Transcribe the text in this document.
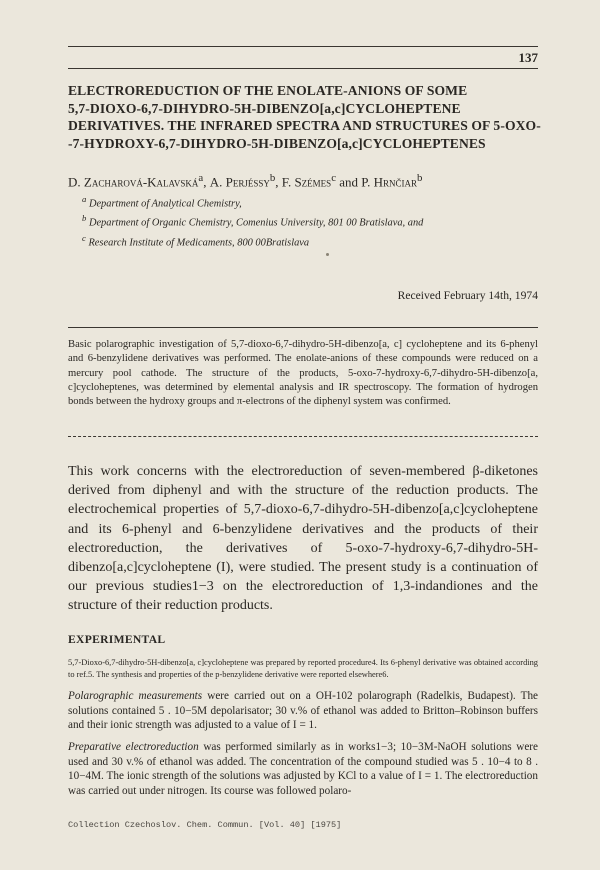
137
ELECTROREDUCTION OF THE ENOLATE-ANIONS OF SOME
5,7-DIOXO-6,7-DIHYDRO-5H-DIBENZO[a,c]CYCLOHEPTENE
DERIVATIVES. THE INFRARED SPECTRA AND STRUCTURES OF 5-OXO-
-7-HYDROXY-6,7-DIHYDRO-5H-DIBENZO[a,c]CYCLOHEPTENES
D. Zacharová-Kalavská$^a$, A. Perjéssy$^b$, F. Szémes$^c$ and P. Hrnčiar$^b$
$^a$ Department of Analytical Chemistry,
$^b$ Department of Organic Chemistry, Comenius University, 801 00 Bratislava, and
$^c$ Research Institute of Medicaments, 800 00Bratislava
Received February 14th, 1974

Basic polarographic investigation of 5,7-dioxo-6,7-dihydro-5H-dibenzo[a, c] cycloheptene and its 6-phenyl and 6-benzylidene derivatives was performed. The enolate-anions of these compounds were reduced on a mercury pool cathode. The structure of the products, 5-oxo-7-hydroxy-6,7-dihydro-5H-dibenzo[a, c]cycloheptenes, was determined by elemental analysis and IR spectroscopy. The formation of hydrogen bonds between the hydroxy groups and π-electrons of the diphenyl system was confirmed.

This work concerns with the electroreduction of seven-membered β-diketones derived from diphenyl and with the structure of the reduction products. The electrochemical properties of 5,7-dioxo-6,7-dihydro-5H-dibenzo[a,c]cycloheptene and its 6-phenyl and 6-benzylidene derivatives and the products of their electroreduction, the derivatives of 5-oxo-7-hydroxy-6,7-dihydro-5H-dibenzo[a,c]cycloheptene (I), were studied. The present study is a continuation of our previous studies1−3 on the electroreduction of 1,3-indandiones and the structure of their reduction products.

EXPERIMENTAL

5,7-Dioxo-6,7-dihydro-5H-dibenzo[a, c]cycloheptene was prepared by reported procedure4. Its 6-phenyl derivative was obtained according to ref.5. The synthesis and properties of the p-benzylidene derivative were reported elsewhere6.

Polarographic measurements were carried out on a OH-102 polarograph (Radelkis, Budapest). The solutions contained 5 . 10−5M depolarisator; 30 v.% of ethanol was added to Britton–Robinson buffers and their ionic strength was adjusted to a value of I = 1.

Preparative electroreduction was performed similarly as in works1−3; 10−3M-NaOH solutions were used and 30 v.% of ethanol was added. The concentration of the compound studied was 5 . 10−4 to 8 . 10−4M. The ionic strength of the solutions was adjusted by KCl to a value of I = 1. The electroreduction was carried out under nitrogen. Its course was followed polaro-

Collection Czechoslov. Chem. Commun. [Vol. 40] [1975]
